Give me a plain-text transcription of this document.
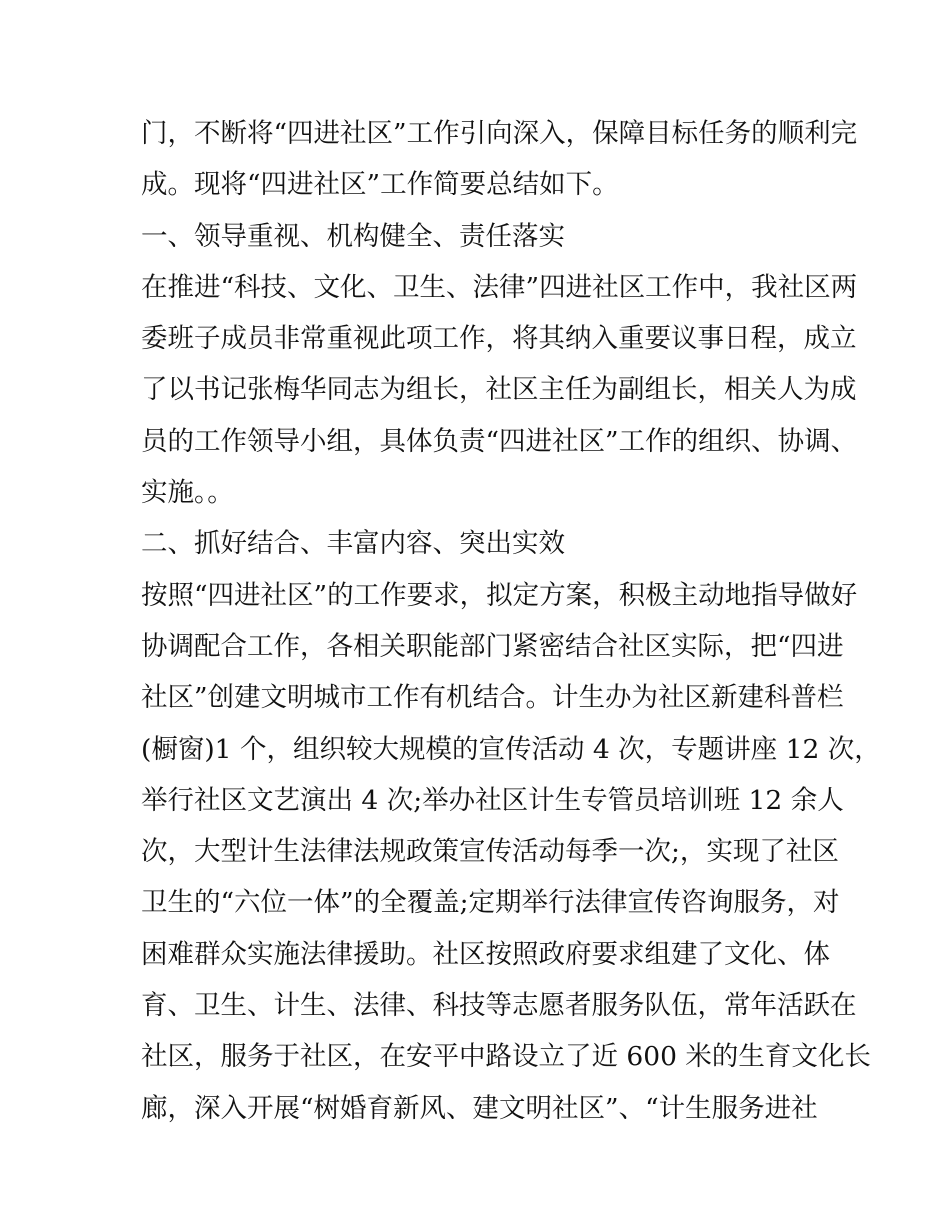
门，不断将“四进社区”工作引向深入，保障目标任务的顺利完
成。现将“四进社区”工作简要总结如下。
一、领导重视、机构健全、责任落实
在推进“科技、文化、卫生、法律”四进社区工作中，我社区两
委班子成员非常重视此项工作，将其纳入重要议事日程，成立
了以书记张梅华同志为组长，社区主任为副组长，相关人为成
员的工作领导小组，具体负责“四进社区”工作的组织、协调、
实施。。
二、抓好结合、丰富内容、突出实效
按照“四进社区”的工作要求，拟定方案，积极主动地指导做好
协调配合工作，各相关职能部门紧密结合社区实际，把“四进
社区”创建文明城市工作有机结合。计生办为社区新建科普栏
(橱窗)1 个，组织较大规模的宣传活动 4 次，专题讲座 12 次，
举行社区文艺演出 4 次;举办社区计生专管员培训班 12 余人
次，大型计生法律法规政策宣传活动每季一次;，实现了社区
卫生的“六位一体”的全覆盖;定期举行法律宣传咨询服务，对
困难群众实施法律援助。社区按照政府要求组建了文化、体
育、卫生、计生、法律、科技等志愿者服务队伍，常年活跃在
社区，服务于社区，在安平中路设立了近 600 米的生育文化长
廊，深入开展“树婚育新风、建文明社区”、“计生服务进社
